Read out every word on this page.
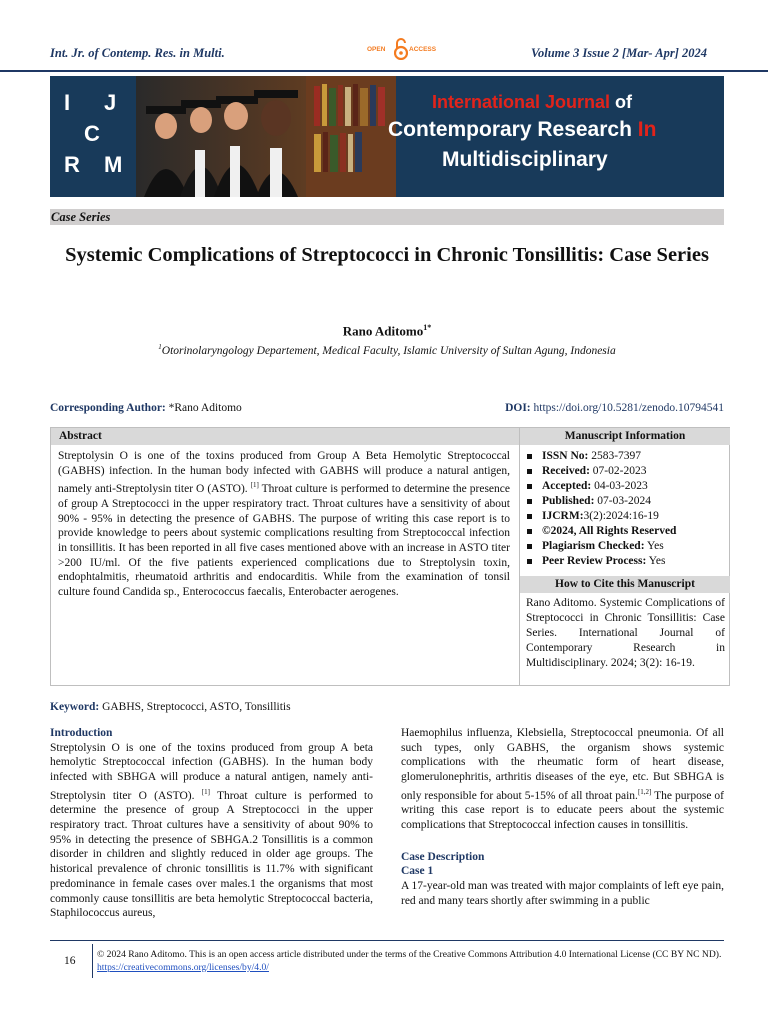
Int. Jr. of Contemp. Res. in Multi.	OPEN	ACCESS	Volume 3 Issue 2 [Mar- Apr] 2024
I J
C
R M
International Journal of
Contemporary Research In
Multidisciplinary
Case Series
Systemic Complications of Streptococci in Chronic Tonsillitis: Case Series
Rano Aditomo$^{1*}$
$^1$Otorinolaryngology Departement, Medical Faculty, Islamic University of Sultan Agung, Indonesia
Corresponding Author: *Rano Aditomo	DOI: https://doi.org/10.5281/zenodo.10794541
Abstract
Streptolysin O is one of the toxins produced from Group A Beta Hemolytic Streptococcal (GABHS) infection. In the human body infected with GABHS will produce a natural antigen, namely anti-Streptolysin titer O (ASTO). [1] Throat culture is performed to determine the presence of group A Streptococci in the upper respiratory tract. Throat cultures have a sensitivity of about 90% - 95% in detecting the presence of GABHS. The purpose of writing this case report is to provide knowledge to peers about systemic complications resulting from Streptococcal infection in tonsillitis. It has been reported in all five cases mentioned above with an increase in ASTO titer >200 IU/ml. Of the five patients experienced complications due to Streptolysin toxin, endophtalmitis, rheumatoid arthritis and endocarditis. While from the examination of tonsil culture found Candida sp., Enterococcus faecalis, Enterobacter aerogenes.
Manuscript Information
ISSN No: 2583-7397
Received: 07-02-2023
Accepted: 04-03-2023
Published: 07-03-2024
IJCRM:3(2):2024:16-19
©2024, All Rights Reserved
Plagiarism Checked: Yes
Peer Review Process: Yes
How to Cite this Manuscript
Rano Aditomo. Systemic Complications of Streptococci in Chronic Tonsillitis: Case Series. International Journal of Contemporary Research in Multidisciplinary. 2024; 3(2): 16-19.
Keyword: GABHS, Streptococci, ASTO, Tonsillitis
Introduction
Streptolysin O is one of the toxins produced from group A beta hemolytic Streptococcal infection (GABHS). In the human body infected with SBHGA will produce a natural antigen, namely anti-Streptolysin titer O (ASTO). [1] Throat culture is performed to determine the presence of group A Streptococci in the upper respiratory tract. Throat cultures have a sensitivity of about 90% to 95% in detecting the presence of SBHGA.2 Tonsillitis is a common disorder in children and slightly reduced in older age groups. The historical prevalence of chronic tonsillitis is 11.7% with significant predominance in female cases over males.1 the organisms that most commonly cause tonsillitis are beta hemolytic Streptococcal bacteria, Staphilococcus aureus,
Haemophilus influenza, Klebsiella, Streptococcal pneumonia. Of all such types, only GABHS, the organism shows systemic complications with the rheumatic form of heart disease, glomerulonephritis, arthritis diseases of the eye, etc. But SBHGA is only responsible for about 5-15% of all throat pain.[1,2] The purpose of writing this case report is to educate peers about the systemic complications that Streptococcal infection causes in tonsillitis.
Case Description
Case 1
A 17-year-old man was treated with major complaints of left eye pain, red and many tears shortly after swimming in a public
16
© 2024 Rano Aditomo. This is an open access article distributed under the terms of the Creative Commons Attribution 4.0 International License (CC BY NC ND). https://creativecommons.org/licenses/by/4.0/
